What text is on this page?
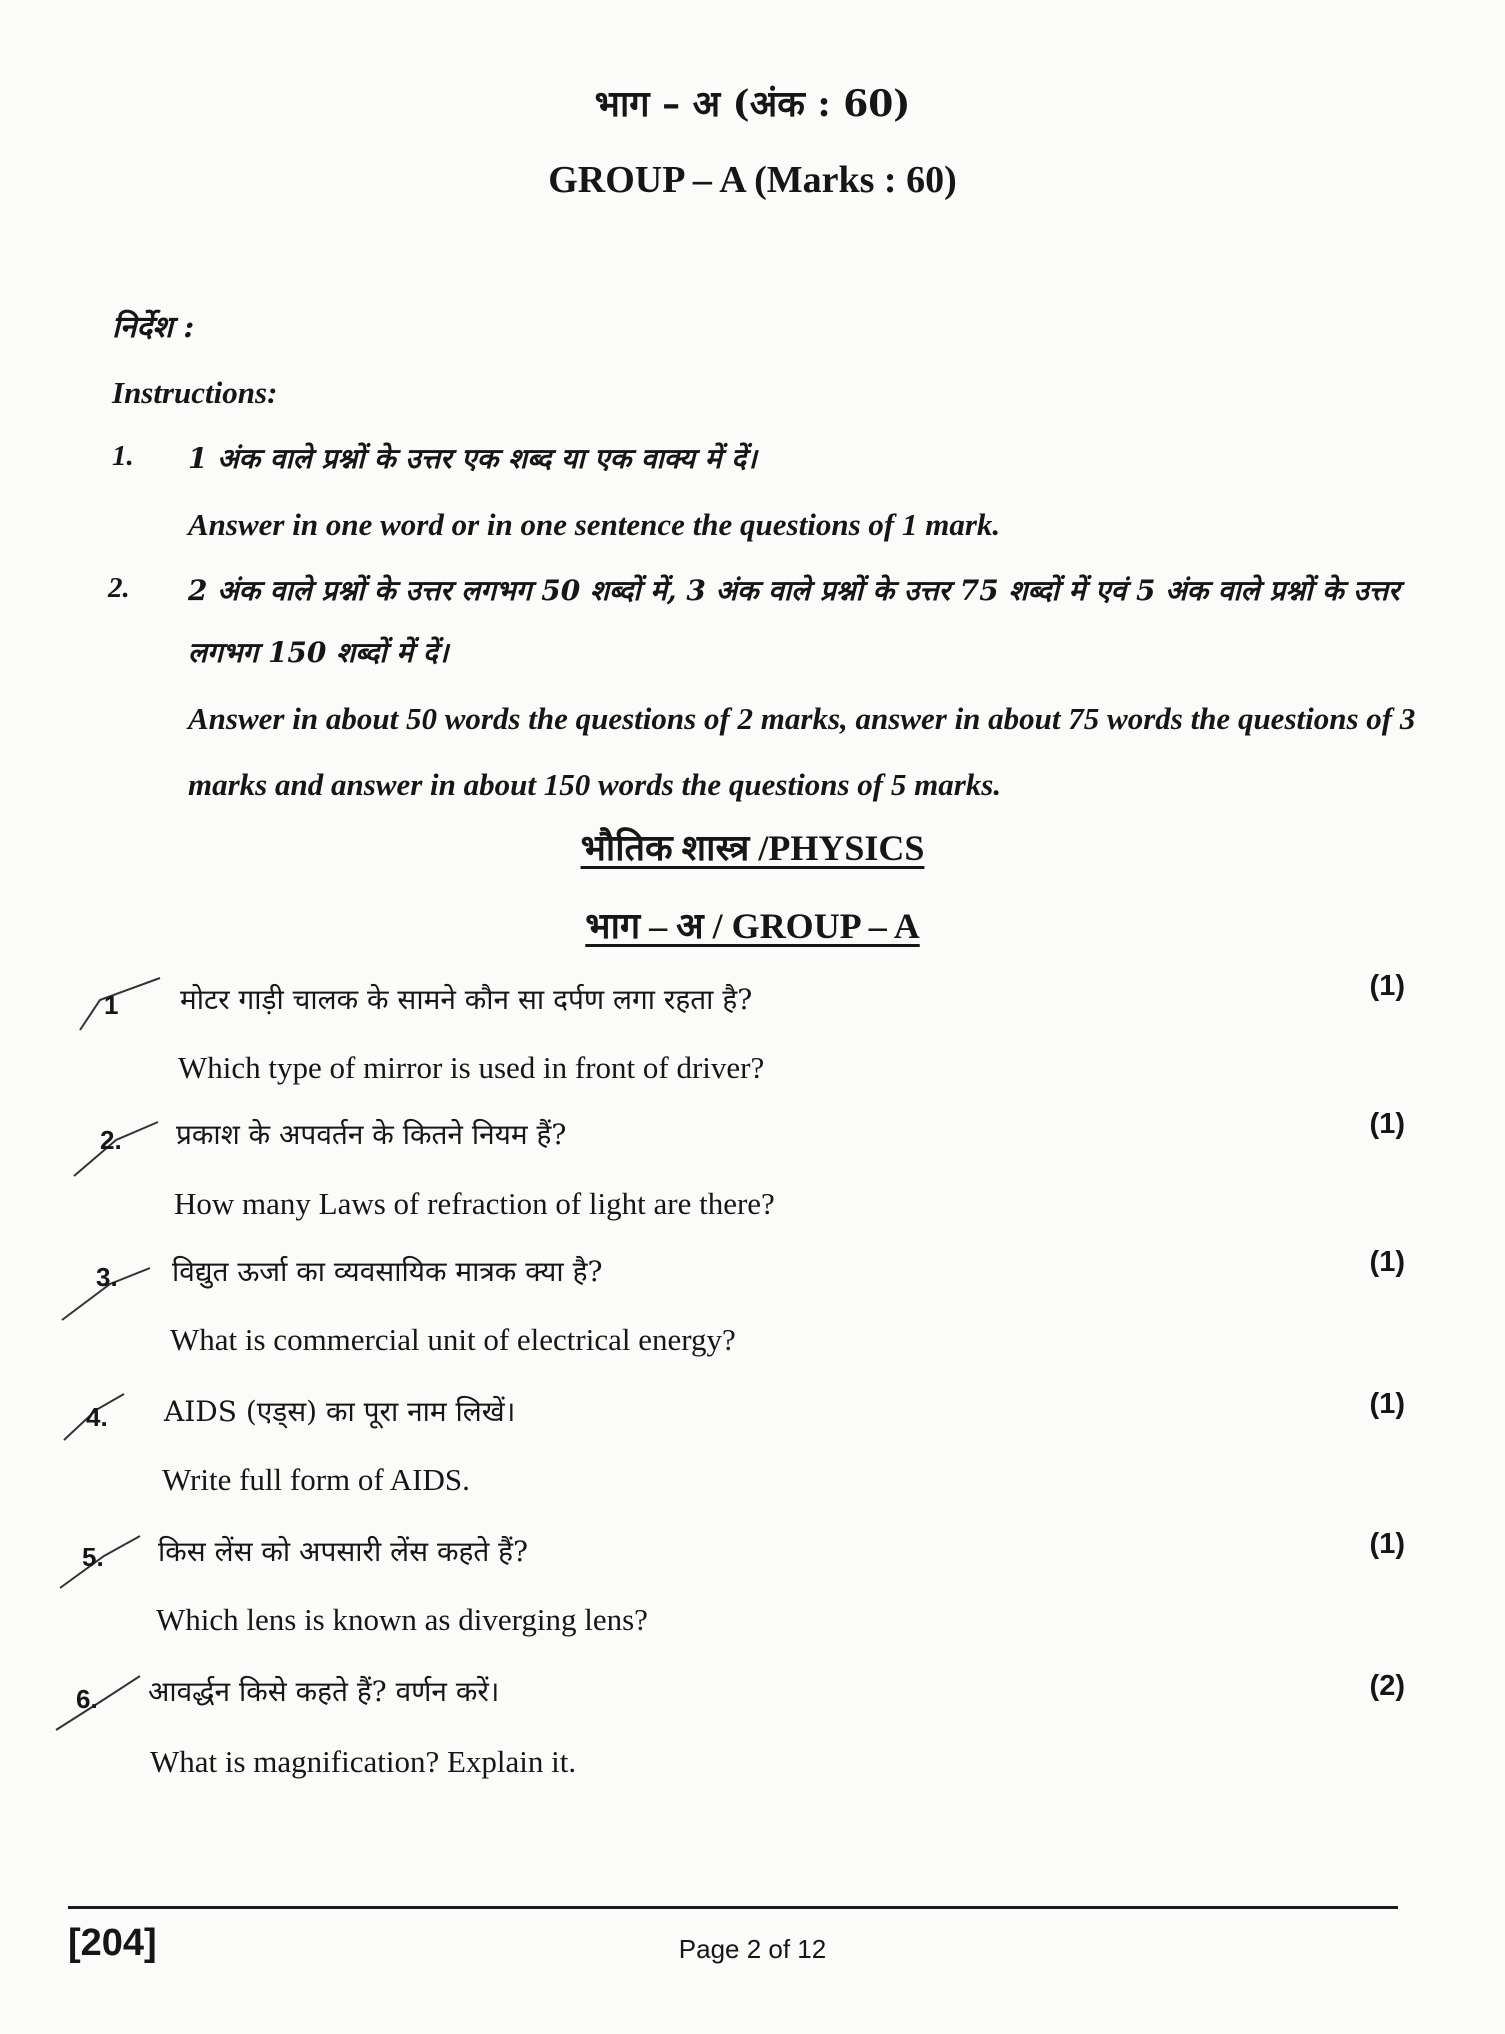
भाग – अ (अंक : 60)
GROUP – A (Marks : 60)
निर्देश :
Instructions:
1. 1 अंक वाले प्रश्नों के उत्तर एक शब्द या एक वाक्य में दें।
Answer in one word or in one sentence the questions of 1 mark.
2. 2 अंक वाले प्रश्नों के उत्तर लगभग 50 शब्दों में, 3 अंक वाले प्रश्नों के उत्तर 75 शब्दों में एवं 5 अंक वाले प्रश्नों के उत्तर लगभग 150 शब्दों में दें।
Answer in about 50 words the questions of 2 marks, answer in about 75 words the questions of 3 marks and answer in about 150 words the questions of 5 marks.
भौतिक शास्त्र /PHYSICS
भाग – अ / GROUP – A
1 मोटर गाड़ी चालक के सामने कौन सा दर्पण लगा रहता है?	(1)
Which type of mirror is used in front of driver?
2. प्रकाश के अपवर्तन के कितने नियम हैं?	(1)
How many Laws of refraction of light are there?
3. विद्युत ऊर्जा का व्यवसायिक मात्रक क्या है?	(1)
What is commercial unit of electrical energy?
4. AIDS (एड्स) का पूरा नाम लिखें।	(1)
Write full form of AIDS.
5. किस लेंस को अपसारी लेंस कहते हैं?	(1)
Which lens is known as diverging lens?
6. आवर्द्धन किसे कहते हैं? वर्णन करें।	(2)
What is magnification? Explain it.
[204]	Page 2 of 12
